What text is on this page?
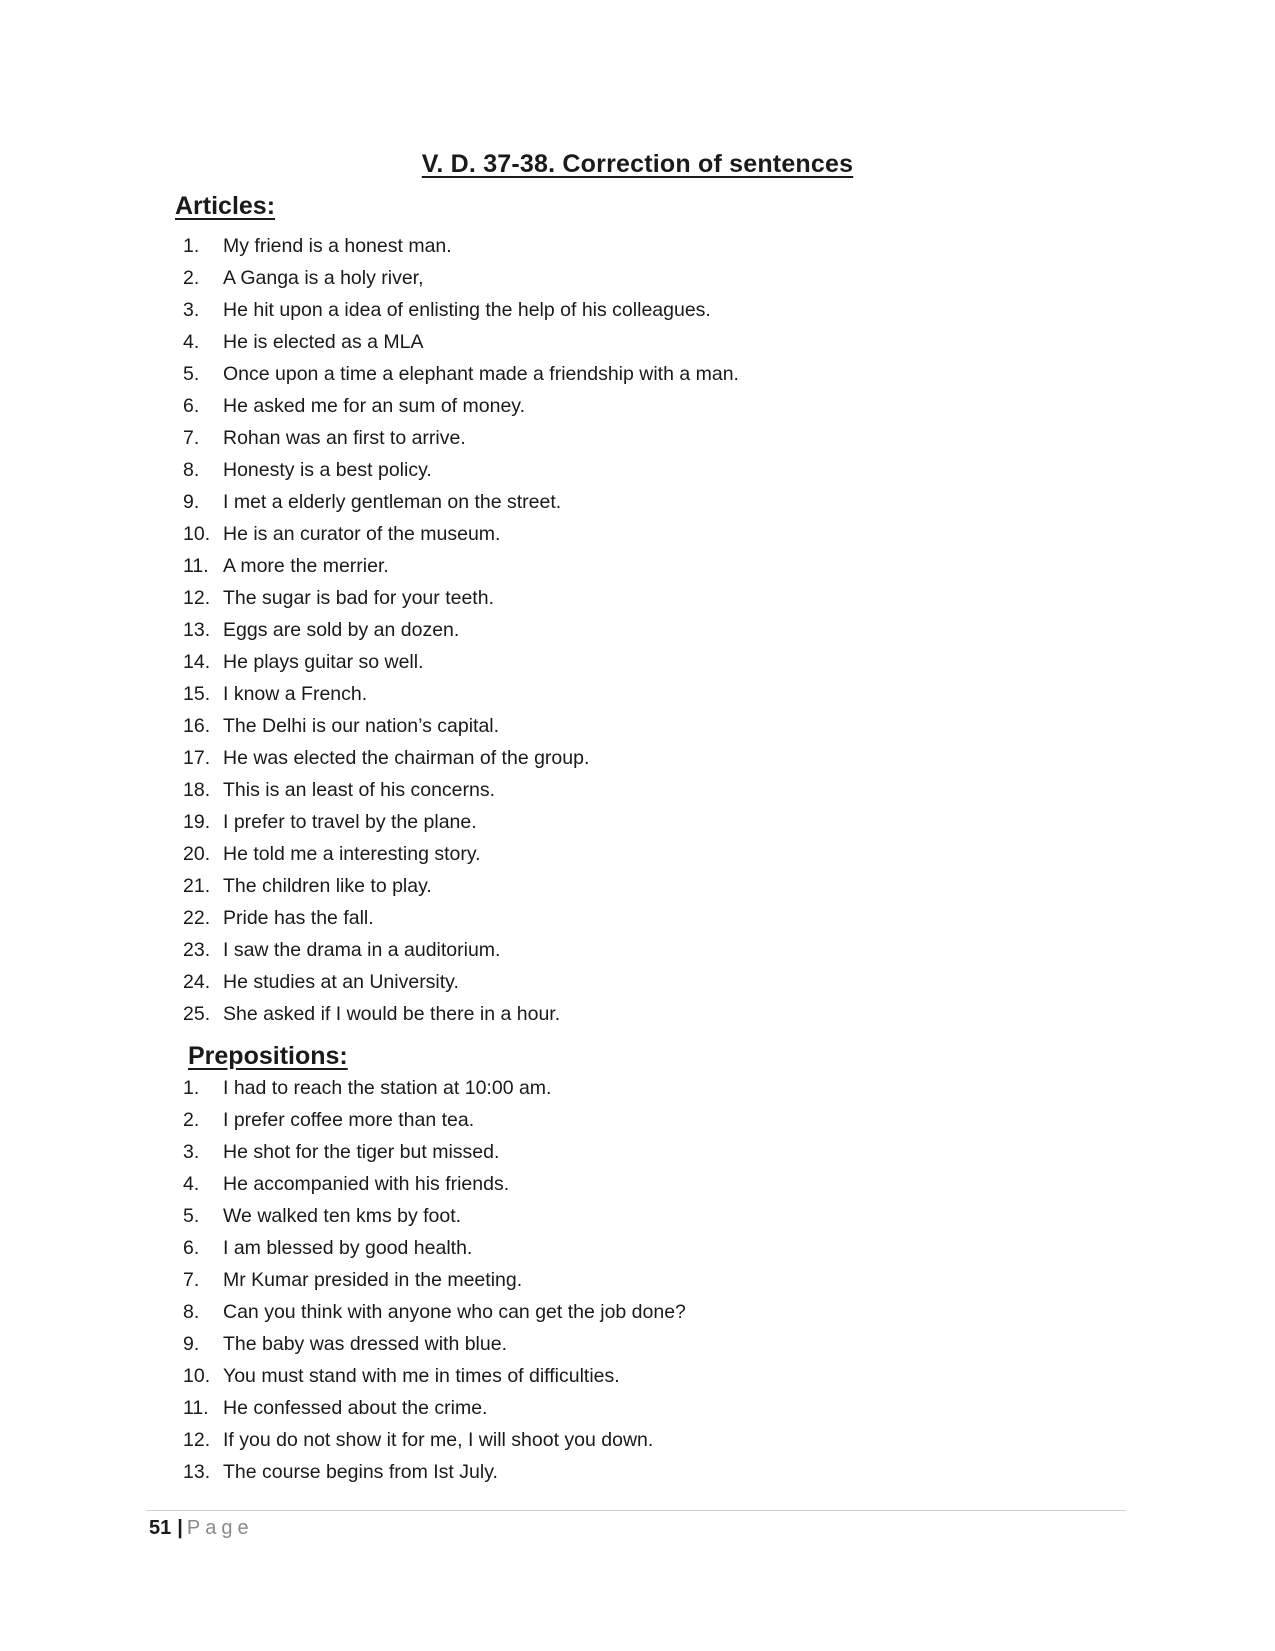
V. D. 37-38. Correction of sentences
Articles:
1.	My friend is a honest man.
2.	A Ganga is a holy river,
3.	He hit upon a idea of enlisting the help of his colleagues.
4.	He is elected as a MLA
5.	Once upon a time a elephant made a friendship with a man.
6.	He asked me for an sum of money.
7.	Rohan was an first to arrive.
8.	Honesty is a best policy.
9.	I met a elderly gentleman on the street.
10. He is an curator of the museum.
11. A more the merrier.
12. The sugar is bad for your teeth.
13. Eggs are sold by an dozen.
14. He plays guitar so well.
15. I know a French.
16. The Delhi is our nation’s capital.
17. He was elected the chairman of the group.
18. This is an least of his concerns.
19. I prefer to travel by the plane.
20. He told me a interesting story.
21. The children like to play.
22. Pride has the fall.
23. I saw the drama in a auditorium.
24. He studies at an University.
25. She asked if I would be there in a hour.
Prepositions:
1.	I had to reach the station at 10:00 am.
2.	I prefer coffee more than tea.
3.	He shot for the tiger but missed.
4.	He accompanied with his friends.
5.	We walked ten kms by foot.
6.	I am blessed by good health.
7.	Mr Kumar presided in the meeting.
8.	Can you think with anyone who can get the job done?
9.	The baby was dressed with blue.
10. You must stand with me in times of difficulties.
11. He confessed about the crime.
12. If you do not show it for me, I will shoot you down.
13. The course begins from Ist July.
51 | Page
